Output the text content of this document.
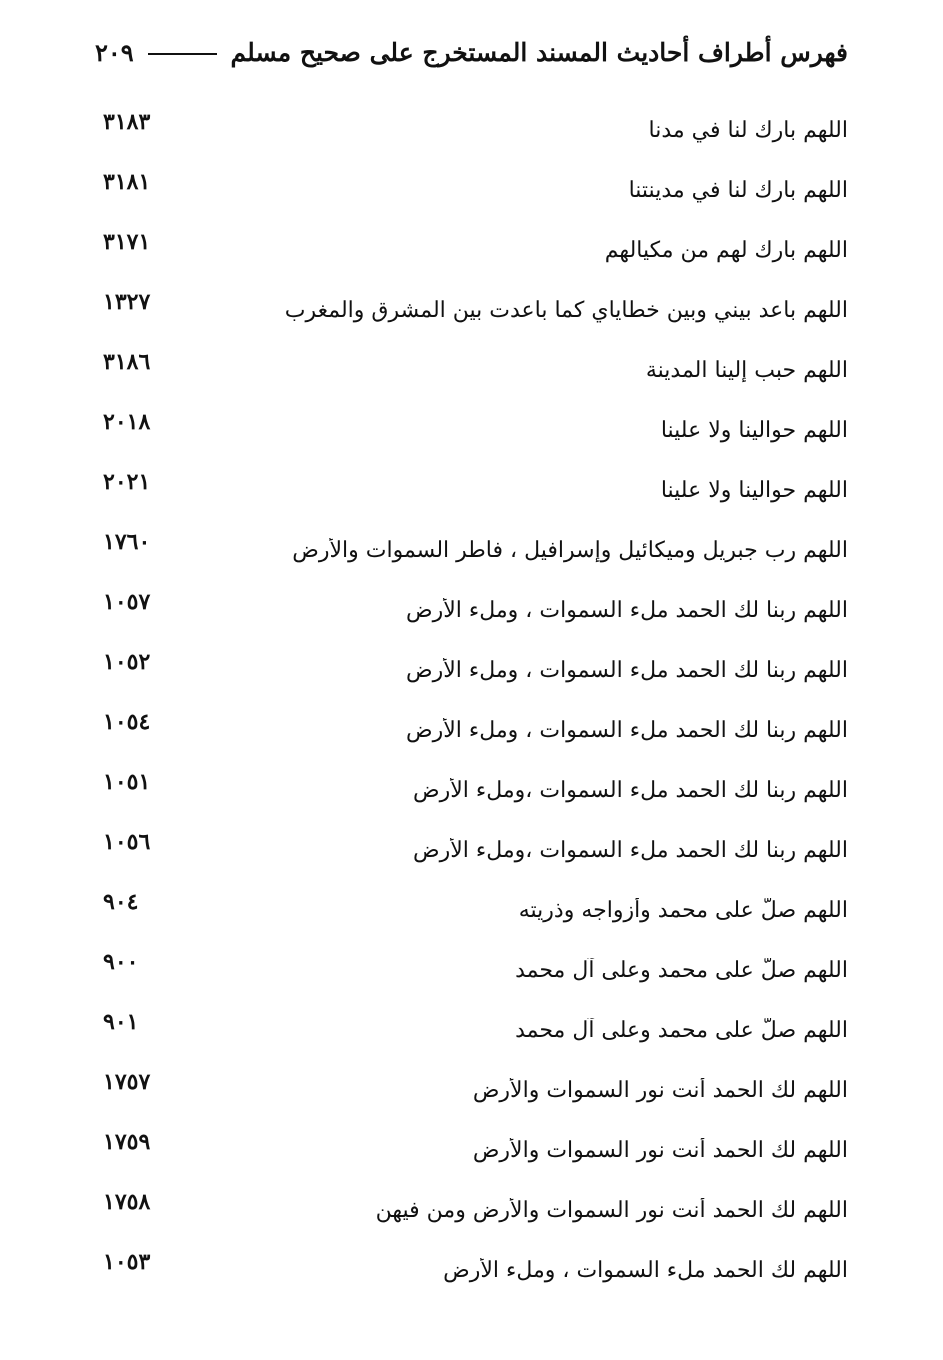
٢٠٩	فهرس أطراف أحاديث المسند المستخرج على صحيح مسلم
٣١٨٣	اللهم بارك لنا في مدنا
٣١٨١	اللهم بارك لنا في مدينتنا
٣١٧١	اللهم بارك لهم من مكيالهم
١٣٢٧	اللهم باعد بيني وبين خطاياي كما باعدت بين المشرق والمغرب
٣١٨٦	اللهم حبب إلينا المدينة
٢٠١٨	اللهم حوالينا ولا علينا
٢٠٢١	اللهم حوالينا ولا علينا
١٧٦٠	اللهم رب جبريل وميكائيل وإسرافيل ، فاطر السموات والأرض
١٠٥٧	اللهم ربنا لك الحمد ملء السموات ، وملء الأرض
١٠٥٢	اللهم ربنا لك الحمد ملء السموات ، وملء الأرض
١٠٥٤	اللهم ربنا لك الحمد ملء السموات ، وملء الأرض
١٠٥١	اللهم ربنا لك الحمد ملء السموات ،وملء الأرض
١٠٥٦	اللهم ربنا لك الحمد ملء السموات ،وملء الأرض
٩٠٤	اللهم صلّ على محمد وأزواجه وذريته
٩٠٠	اللهم صلّ على محمد وعلى آل محمد
٩٠١	اللهم صلّ على محمد وعلى آل محمد
١٧٥٧	اللهم لك الحمد أنت نور السموات والأرض
١٧٥٩	اللهم لك الحمد أنت نور السموات والأرض
١٧٥٨	اللهم لك الحمد أنت نور السموات والأرض ومن فيهن
١٠٥٣	اللهم لك الحمد ملء السموات ، وملء الأرض
